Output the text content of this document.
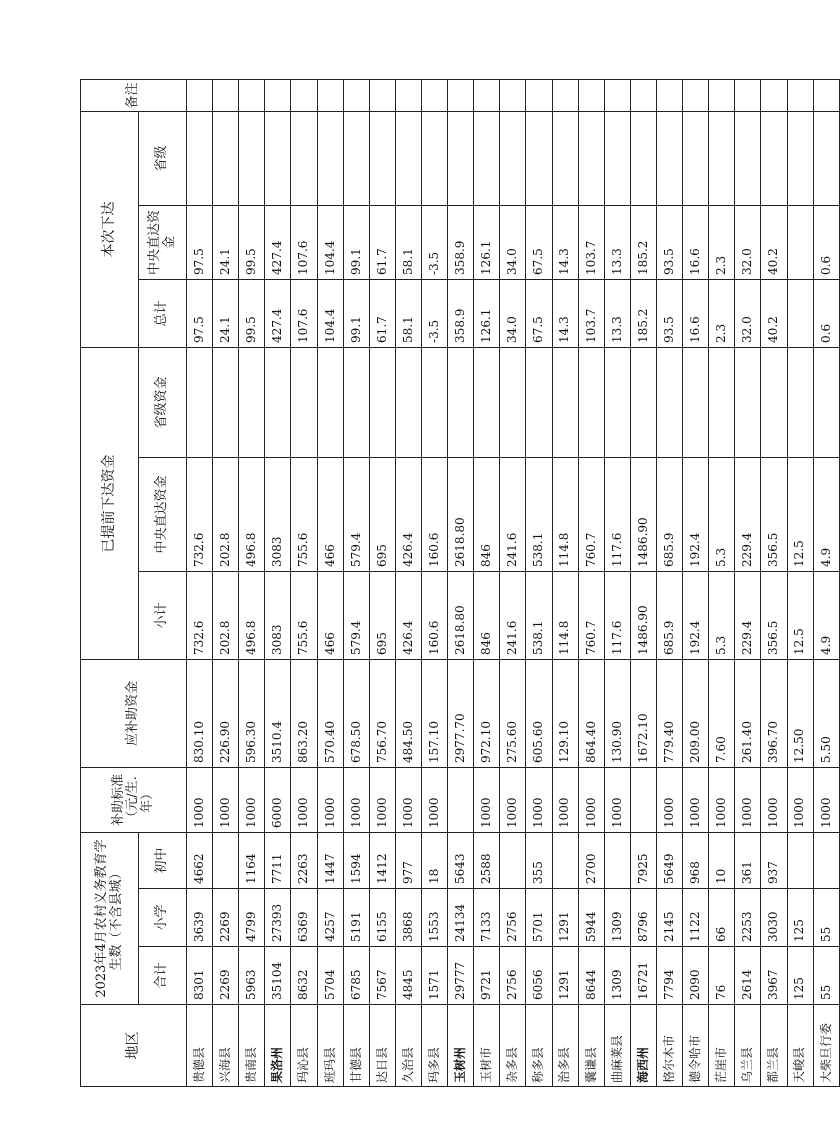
地区	2023年4月农村义务教育学生数（不含县城）			补助标准（元/生.年）	应补助资金	已提前下达资金			本次下达			备注
	合计	小学	初中			小计	中央直达资金	省级资金	总计	中央直达资金	省级	
贵德县	8301	3639	4662	1000	830.10	732.6	732.6		97.5	97.5		
兴海县	2269	2269		1000	226.90	202.8	202.8		24.1	24.1		
贵南县	5963	4799	1164	1000	596.30	496.8	496.8		99.5	99.5		
果洛州	35104	27393	7711	6000	3510.4	3083	3083		427.4	427.4		
玛沁县	8632	6369	2263	1000	863.20	755.6	755.6		107.6	107.6		
班玛县	5704	4257	1447	1000	570.40	466	466		104.4	104.4		
甘德县	6785	5191	1594	1000	678.50	579.4	579.4		99.1	99.1		
达日县	7567	6155	1412	1000	756.70	695	695		61.7	61.7		
久治县	4845	3868	977	1000	484.50	426.4	426.4		58.1	58.1		
玛多县	1571	1553	18	1000	157.10	160.6	160.6		-3.5	-3.5		
玉树州	29777	24134	5643		2977.70	2618.80	2618.80		358.9	358.9		
玉树市	9721	7133	2588	1000	972.10	846	846		126.1	126.1		
杂多县	2756	2756		1000	275.60	241.6	241.6		34.0	34.0		
称多县	6056	5701	355	1000	605.60	538.1	538.1		67.5	67.5		
治多县	1291	1291		1000	129.10	114.8	114.8		14.3	14.3		
囊谦县	8644	5944	2700	1000	864.40	760.7	760.7		103.7	103.7		
曲麻莱县	1309	1309		1000	130.90	117.6	117.6		13.3	13.3		
海西州	16721	8796	7925		1672.10	1486.90	1486.90		185.2	185.2		
格尔木市	7794	2145	5649	1000	779.40	685.9	685.9		93.5	93.5		
德令哈市	2090	1122	968	1000	209.00	192.4	192.4		16.6	16.6		
茫崖市	76	66	10	1000	7.60	5.3	5.3		2.3	2.3		
乌兰县	2614	2253	361	1000	261.40	229.4	229.4		32.0	32.0		
都兰县	3967	3030	937	1000	396.70	356.5	356.5		40.2	40.2		
天峻县	125	125		1000	12.50	12.5	12.5					
大柴旦行委	55	55		1000	5.50	4.9	4.9		0.6	0.6		
